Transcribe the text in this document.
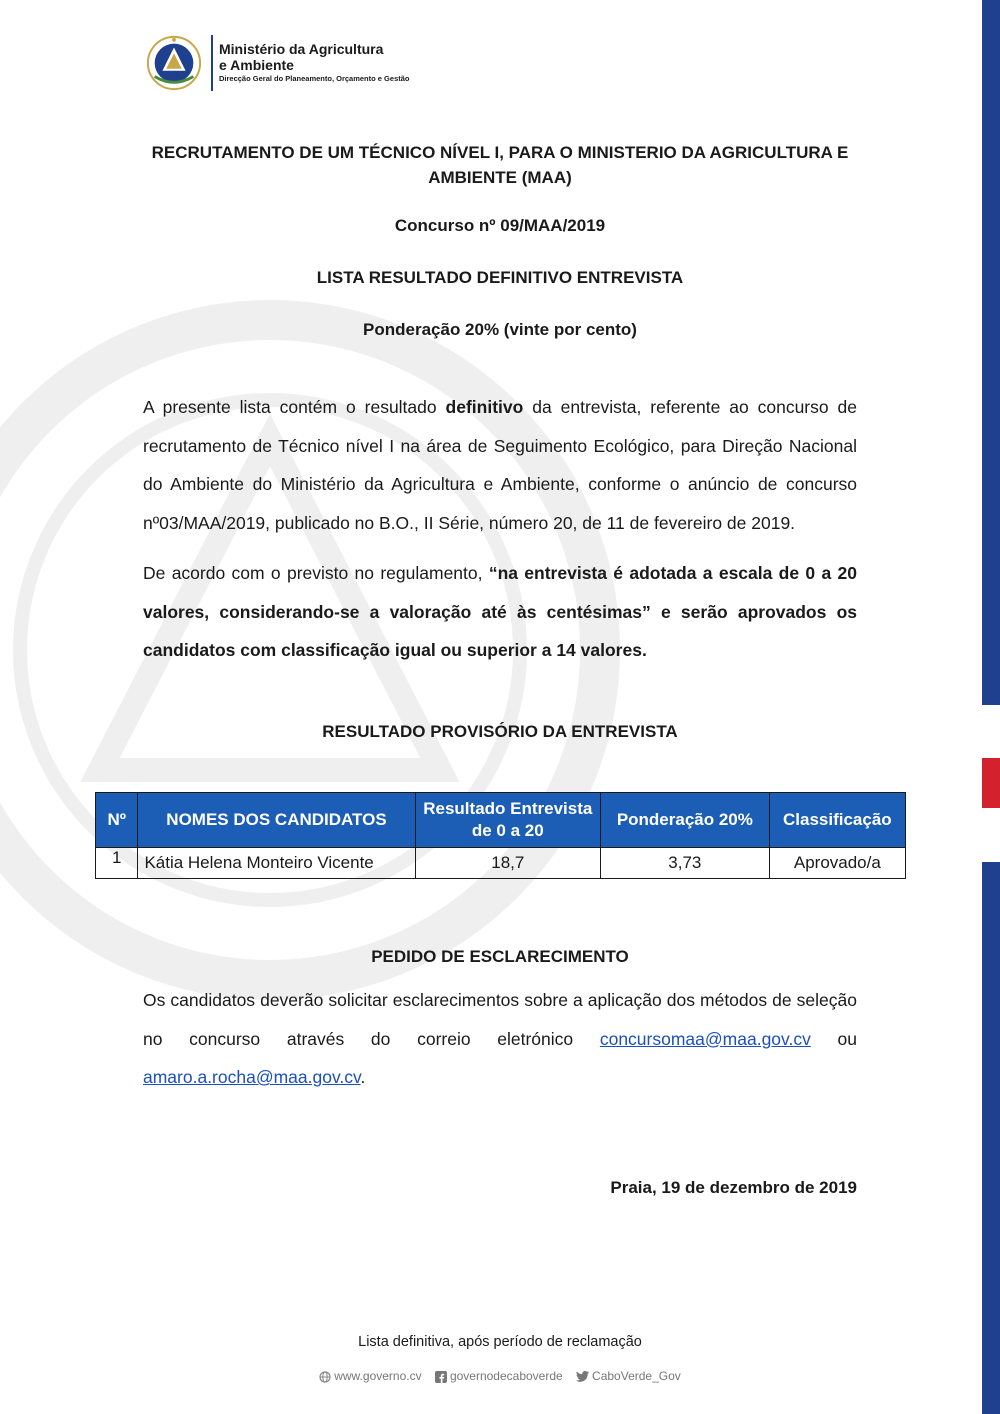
Ministério da Agricultura
e Ambiente
Direcção Geral do Planeamento, Orçamento e Gestão

RECRUTAMENTO DE UM TÉCNICO NÍVEL I, PARA O MINISTERIO DA AGRICULTURA E AMBIENTE (MAA)

Concurso nº 09/MAA/2019
LISTA RESULTADO DEFINITIVO ENTREVISTA
Ponderação 20% (vinte por cento)

A presente lista contém o resultado definitivo da entrevista, referente ao concurso de recrutamento de Técnico nível I na área de Seguimento Ecológico, para Direção Nacional do Ambiente do Ministério da Agricultura e Ambiente, conforme o anúncio de concurso nº03/MAA/2019, publicado no B.O., II Série, número 20, de 11 de fevereiro de 2019.

De acordo com o previsto no regulamento, “na entrevista é adotada a escala de 0 a 20 valores, considerando-se a valoração até às centésimas” e serão aprovados os candidatos com classificação igual ou superior a 14 valores.

RESULTADO PROVISÓRIO DA ENTREVISTA
Nº	NOMES DOS CANDIDATOS	Resultado Entrevista de 0 a 20	Ponderação 20%	Classificação
1	Kátia Helena Monteiro Vicente	18,7	3,73	Aprovado/a

PEDIDO DE ESCLARECIMENTO

Os candidatos deverão solicitar esclarecimentos sobre a aplicação dos métodos de seleção no concurso através do correio eletrónico concursomaa@maa.gov.cv ou amaro.a.rocha@maa.gov.cv.

Praia, 19 de dezembro de 2019
Lista definitiva, após período de reclamação
www.governo.cv governodecaboverde CaboVerde_Gov
